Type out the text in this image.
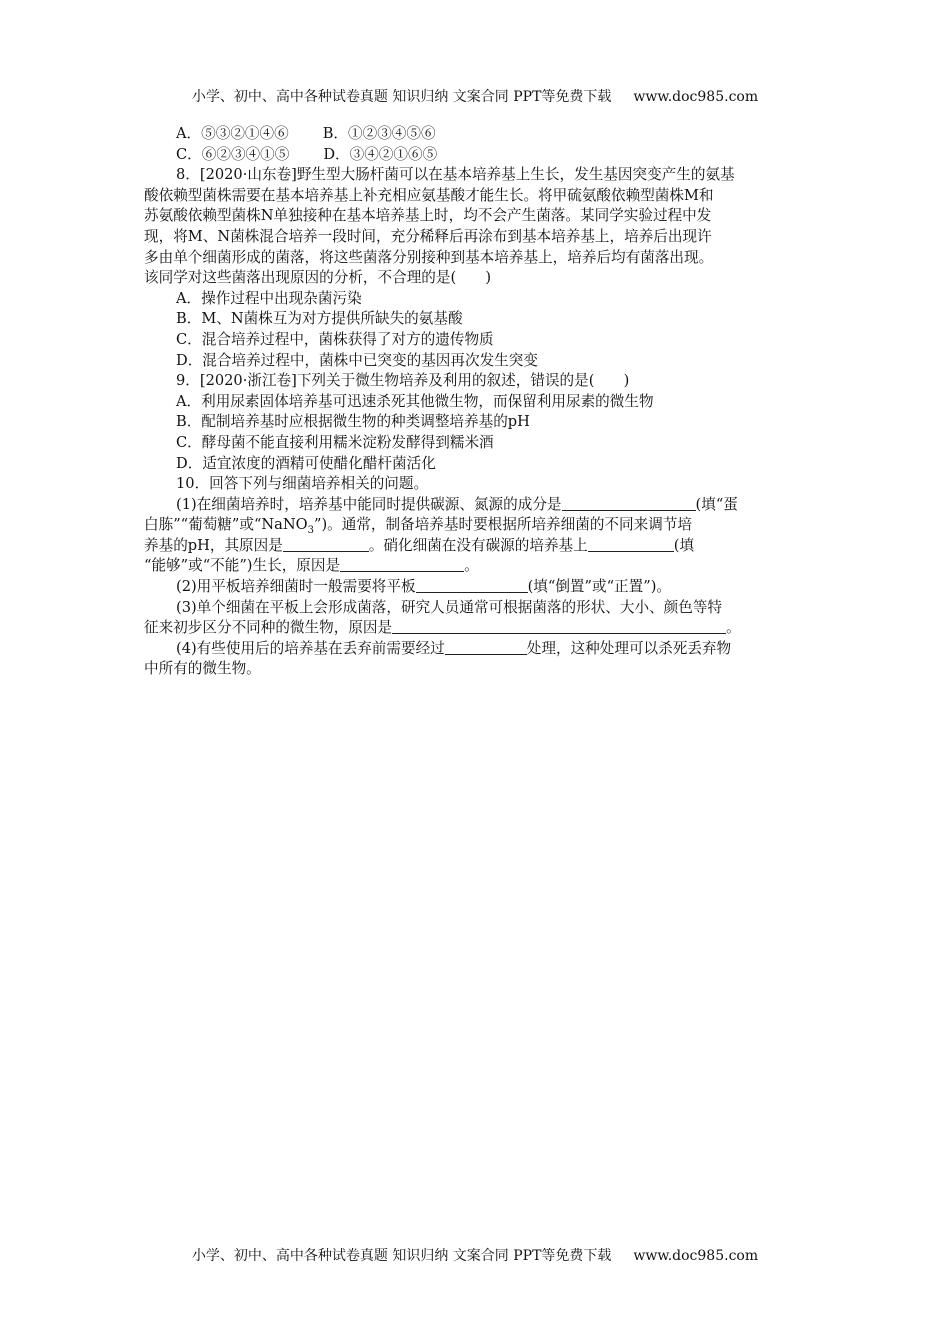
小学、初中、高中各种试卷真题 知识归纳 文案合同 PPT等免费下载 www.doc985.com
A．⑤③②①④⑥ B．①②③④⑤⑥
C．⑥②③④①⑤ D．③④②①⑥⑤
8．[2020·山东卷]野生型大肠杆菌可以在基本培养基上生长，发生基因突变产生的氨基
酸依赖型菌株需要在基本培养基上补充相应氨基酸才能生长。将甲硫氨酸依赖型菌株M和
苏氨酸依赖型菌株N单独接种在基本培养基上时，均不会产生菌落。某同学实验过程中发
现，将M、N菌株混合培养一段时间，充分稀释后再涂布到基本培养基上，培养后出现许
多由单个细菌形成的菌落，将这些菌落分别接种到基本培养基上，培养后均有菌落出现。
该同学对这些菌落出现原因的分析，不合理的是(　　)
A．操作过程中出现杂菌污染
B．M、N菌株互为对方提供所缺失的氨基酸
C．混合培养过程中，菌株获得了对方的遗传物质
D．混合培养过程中，菌株中已突变的基因再次发生突变
9．[2020·浙江卷]下列关于微生物培养及利用的叙述，错误的是(　　)
A．利用尿素固体培养基可迅速杀死其他微生物，而保留利用尿素的微生物
B．配制培养基时应根据微生物的种类调整培养基的pH
C．酵母菌不能直接利用糯米淀粉发酵得到糯米酒
D．适宜浓度的酒精可使醋化醋杆菌活化
10．回答下列与细菌培养相关的问题。
(1)在细菌培养时，培养基中能同时提供碳源、氮源的成分是	(填“蛋
白胨”“葡萄糖”或“NaNO$_3$”)。通常，制备培养基时要根据所培养细菌的不同来调节培
养基的pH，其原因是	。硝化细菌在没有碳源的培养基上	(填
“能够”或“不能”)生长，原因是	。
(2)用平板培养细菌时一般需要将平板	(填“倒置”或“正置”)。
(3)单个细菌在平板上会形成菌落，研究人员通常可根据菌落的形状、大小、颜色等特
征来初步区分不同种的微生物，原因是	。
(4)有些使用后的培养基在丢弃前需要经过	处理，这种处理可以杀死丢弃物
中所有的微生物。
小学、初中、高中各种试卷真题 知识归纳 文案合同 PPT等免费下载 www.doc985.com
